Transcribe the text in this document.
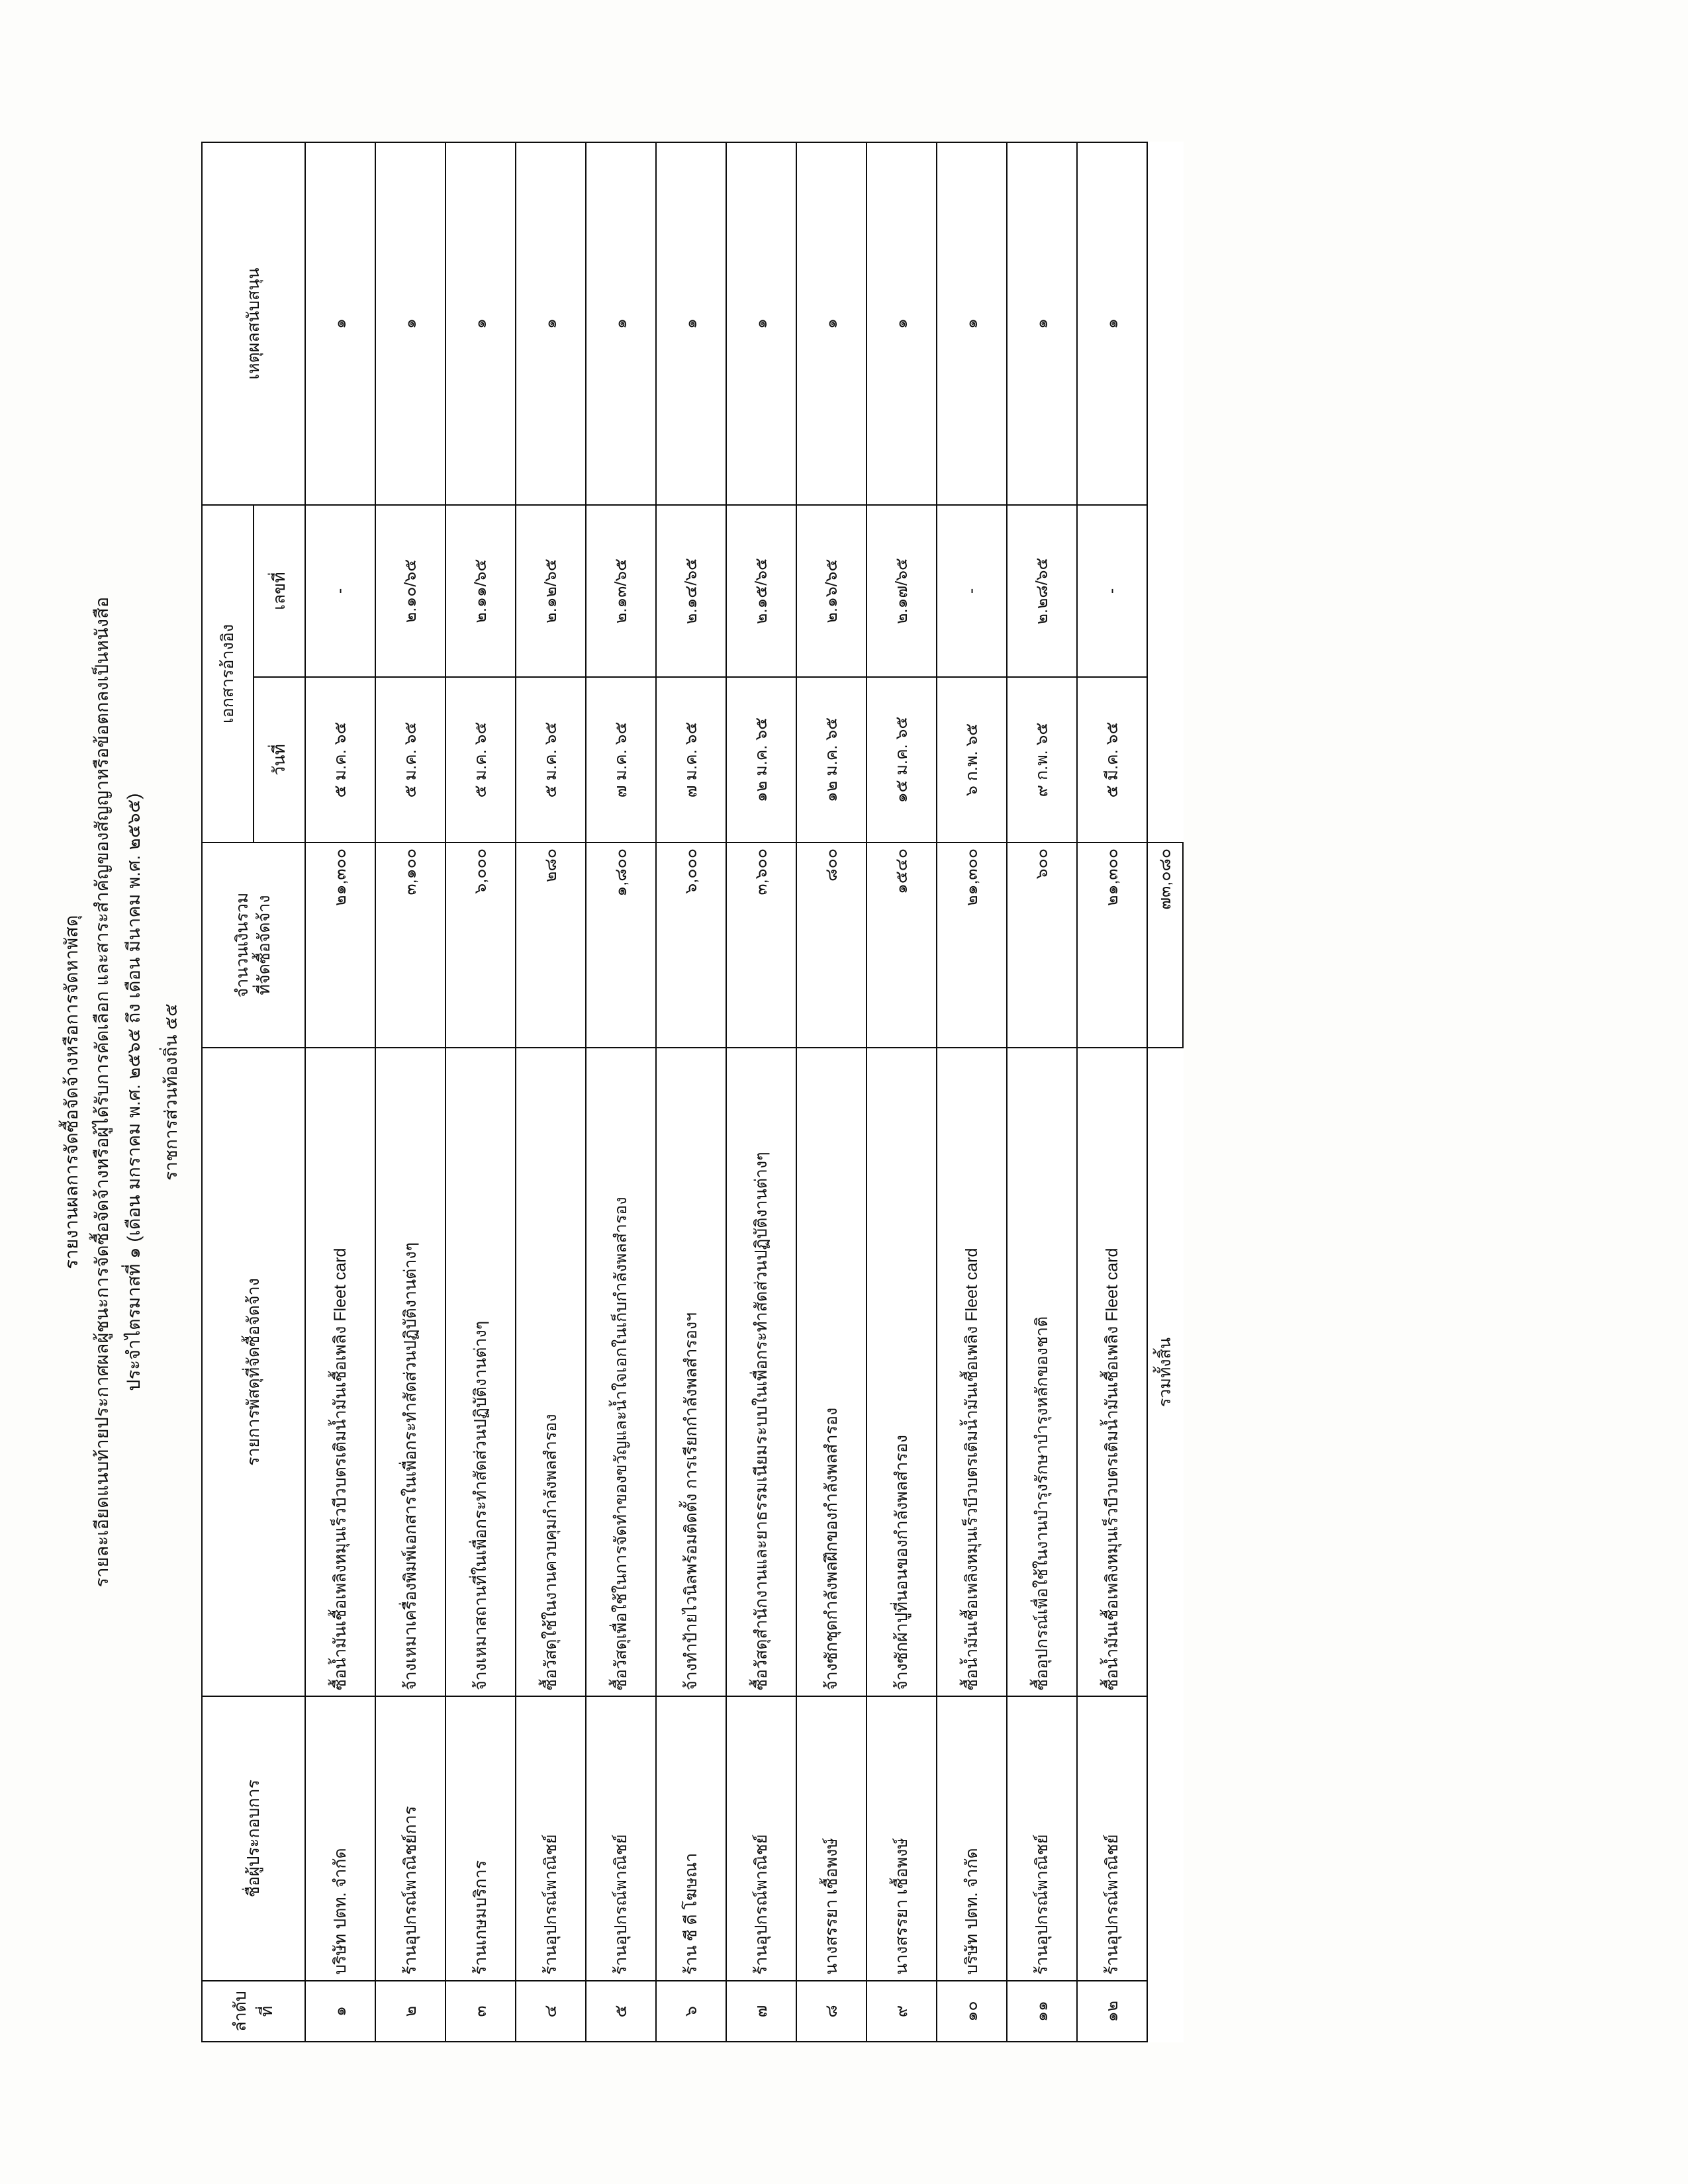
รายงานผลการจัดซื้อจัดจ้างหรือการจัดหาพัสดุ รายละเอียดแนบท้ายประกาศผลผู้ชนะการจัดซื้อจัดจ้างหรือผู้ได้รับการคัดเลือก และสาระสำคัญของสัญญาหรือข้อตกลงเป็นหนังสือ ประจำไตรมาสที่ ๑ (เดือน มกราคม พ.ศ. ๒๕๖๕ ถึง เดือน มีนาคม พ.ศ. ๒๕๖๕) ราชการส่วนท้องถิ่น ๕๕
ลำดับ ที่	ชื่อผู้ประกอบการ	รายการพัสดุที่จัดซื้อจัดจ้าง	จำนวนเงินรวม ที่จัดซื้อจัดจ้าง	เอกสารอ้างอิง		เหตุผลสนับสนุน
				วันที่	เลขที่	
๑	บริษัท ปตท. จำกัด	ซื้อน้ำมันเชื้อเพลิงหมุนเร็วบีวบตรเติมน้ำมันเชื้อเพลิง Fleet card	๒๑,๓๐๐	๕ ม.ค. ๖๕	-	๑
๒	ร้านอุปกรณ์พาณิชย์การ	จ้างเหมาเครื่องพิมพ์เอกสารในเพื่อกระทำสัดส่วนปฏิบัติงานต่างๆ	๓,๑๐๐	๕ ม.ค. ๖๕	๒.๑๐/๖๕	๑
๓	ร้านเกษมบริการ	จ้างเหมาสถานที่ในเพื่อกระทำสัดส่วนปฏิบัติงานต่างๆ	๖,๐๐๐	๕ ม.ค. ๖๕	๒.๑๑/๖๕	๑
๔	ร้านอุปกรณ์พาณิชย์	ซื้อวัสดุใช้ในงานควบคุมกำลังพลสำรอง	๒๘๐	๕ ม.ค. ๖๕	๒.๑๒/๖๕	๑
๕	ร้านอุปกรณ์พาณิชย์	ซื้อวัสดุเพื่อใช้ในการจัดทำของขวัญและน้ำใจเอกในเก็บกำลังพลสำรอง	๑,๘๐๐	๗ ม.ค. ๖๕	๒.๑๓/๖๕	๑
๖	ร้าน ซี ดี โฆษณา	จ้างทำป้ายไวนิลพร้อมติดตั้ง การเรียกกำลังพลสำรองฯ	๖,๐๐๐	๗ ม.ค. ๖๕	๒.๑๔/๖๕	๑
๗	ร้านอุปกรณ์พาณิชย์	ซื้อวัสดุสำนักงานและยาธรรมเนียมระบบในเพื่อกระทำสัดส่วนปฏิบัติงานต่างๆ	๓,๖๐๐	๑๒ ม.ค. ๖๕	๒.๑๕/๖๕	๑
๘	นางสรรยา เชื้อพงษ์	จ้างซักชุดกำลังพลฝึกของกำลังพลสำรอง	๘๐๐	๑๒ ม.ค. ๖๕	๒.๑๖/๖๕	๑
๙	นางสรรยา เชื้อพงษ์	จ้างซักผ้าปูที่นอนของกำลังพลสำรอง	๑๕๔๐	๑๕ ม.ค. ๖๕	๒.๑๗/๖๕	๑
๑๐	บริษัท ปตท. จำกัด	ซื้อน้ำมันเชื้อเพลิงหมุนเร็วบีวบตรเติมน้ำมันเชื้อเพลิง Fleet card	๒๑,๓๐๐	๖ ก.พ. ๖๕	-	๑
๑๑	ร้านอุปกรณ์พาณิชย์	ซื้ออุปกรณ์เพื่อใช้ในงานบำรุงรักษาบำรุงหลักของชาติ	๖๐๐	๙ ก.พ. ๖๕	๒.๒๘/๖๕	๑
๑๒	ร้านอุปกรณ์พาณิชย์	ซื้อน้ำมันเชื้อเพลิงหมุนเร็วบีวบตรเติมน้ำมันเชื้อเพลิง Fleet card	๒๑,๓๐๐	๕ มี.ค. ๖๕	-	๑
		รวมทั้งสิ้น	๗๓,๐๘๐			
